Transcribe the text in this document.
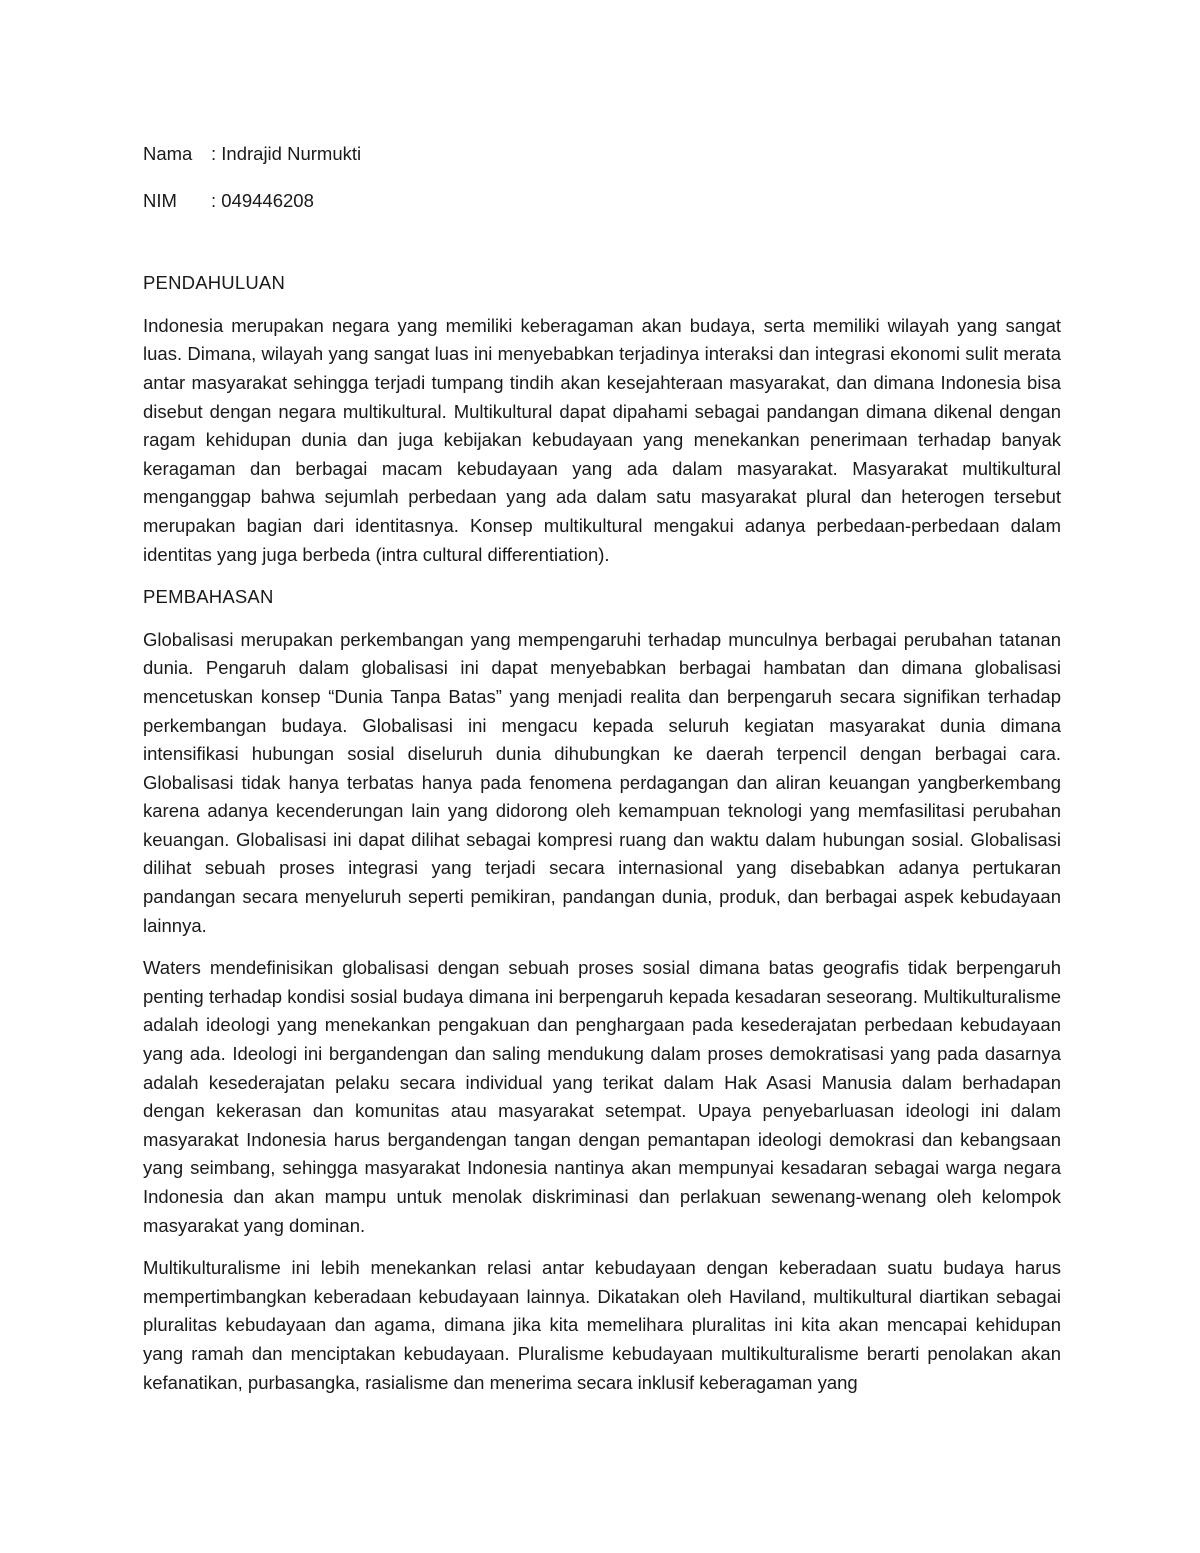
Nama	: Indrajid Nurmukti
NIM	: 049446208

PENDAHULUAN

Indonesia merupakan negara yang memiliki keberagaman akan budaya, serta memiliki wilayah yang sangat luas. Dimana, wilayah yang sangat luas ini menyebabkan terjadinya interaksi dan integrasi ekonomi sulit merata antar masyarakat sehingga terjadi tumpang tindih akan kesejahteraan masyarakat, dan dimana Indonesia bisa disebut dengan negara multikultural. Multikultural dapat dipahami sebagai pandangan dimana dikenal dengan ragam kehidupan dunia dan juga kebijakan kebudayaan yang menekankan penerimaan terhadap banyak keragaman dan berbagai macam kebudayaan yang ada dalam masyarakat. Masyarakat multikultural menganggap bahwa sejumlah perbedaan yang ada dalam satu masyarakat plural dan heterogen tersebut merupakan bagian dari identitasnya. Konsep multikultural mengakui adanya perbedaan-perbedaan dalam identitas yang juga berbeda (intra cultural differentiation).

PEMBAHASAN

Globalisasi merupakan perkembangan yang mempengaruhi terhadap munculnya berbagai perubahan tatanan dunia. Pengaruh dalam globalisasi ini dapat menyebabkan berbagai hambatan dan dimana globalisasi mencetuskan konsep “Dunia Tanpa Batas” yang menjadi realita dan berpengaruh secara signifikan terhadap perkembangan budaya. Globalisasi ini mengacu kepada seluruh kegiatan masyarakat dunia dimana intensifikasi hubungan sosial diseluruh dunia dihubungkan ke daerah terpencil dengan berbagai cara. Globalisasi tidak hanya terbatas hanya pada fenomena perdagangan dan aliran keuangan yangberkembang karena adanya kecenderungan lain yang didorong oleh kemampuan teknologi yang memfasilitasi perubahan keuangan. Globalisasi ini dapat dilihat sebagai kompresi ruang dan waktu dalam hubungan sosial. Globalisasi dilihat sebuah proses integrasi yang terjadi secara internasional yang disebabkan adanya pertukaran pandangan secara menyeluruh seperti pemikiran, pandangan dunia, produk, dan berbagai aspek kebudayaan lainnya.

Waters mendefinisikan globalisasi dengan sebuah proses sosial dimana batas geografis tidak berpengaruh penting terhadap kondisi sosial budaya dimana ini berpengaruh kepada kesadaran seseorang. Multikulturalisme adalah ideologi yang menekankan pengakuan dan penghargaan pada kesederajatan perbedaan kebudayaan yang ada. Ideologi ini bergandengan dan saling mendukung dalam proses demokratisasi yang pada dasarnya adalah kesederajatan pelaku secara individual yang terikat dalam Hak Asasi Manusia dalam berhadapan dengan kekerasan dan komunitas atau masyarakat setempat. Upaya penyebarluasan ideologi ini dalam masyarakat Indonesia harus bergandengan tangan dengan pemantapan ideologi demokrasi dan kebangsaan yang seimbang, sehingga masyarakat Indonesia nantinya akan mempunyai kesadaran sebagai warga negara Indonesia dan akan mampu untuk menolak diskriminasi dan perlakuan sewenang-wenang oleh kelompok masyarakat yang dominan.

Multikulturalisme ini lebih menekankan relasi antar kebudayaan dengan keberadaan suatu budaya harus mempertimbangkan keberadaan kebudayaan lainnya. Dikatakan oleh Haviland, multikultural diartikan sebagai pluralitas kebudayaan dan agama, dimana jika kita memelihara pluralitas ini kita akan mencapai kehidupan yang ramah dan menciptakan kebudayaan. Pluralisme kebudayaan multikulturalisme berarti penolakan akan kefanatikan, purbasangka, rasialisme dan menerima secara inklusif keberagaman yang
